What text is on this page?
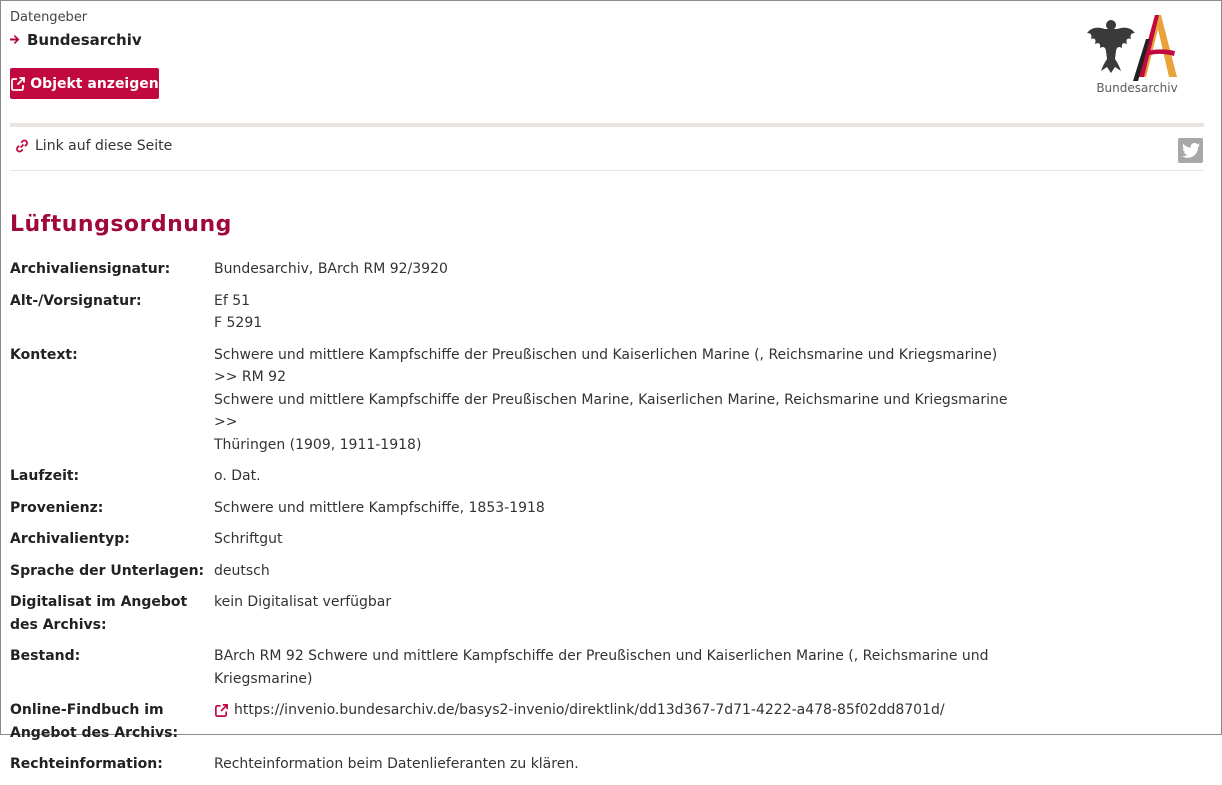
Datengeber
Bundesarchiv
Objekt anzeigen	Bundesarchiv
Link auf diese Seite
Lüftungsordnung
Archivaliensignatur:	Bundesarchiv, BArch RM 92/3920
Alt-/Vorsignatur:	Ef 51
F 5291
Kontext:	Schwere und mittlere Kampfschiffe der Preußischen und Kaiserlichen Marine (, Reichsmarine und Kriegsmarine) >> RM 92
Schwere und mittlere Kampfschiffe der Preußischen Marine, Kaiserlichen Marine, Reichsmarine und Kriegsmarine >>
Thüringen (1909, 1911-1918)
Laufzeit:	o. Dat.
Provenienz:	Schwere und mittlere Kampfschiffe, 1853-1918
Archivalientyp:	Schriftgut
Sprache der Unterlagen: deutsch
Digitalisat im Angebot des Archivs:
kein Digitalisat verfügbar
Bestand:	BArch RM 92 Schwere und mittlere Kampfschiffe der Preußischen und Kaiserlichen Marine (, Reichsmarine und
Kriegsmarine)
Online-Findbuch im Angebot des Archivs:
https://invenio.bundesarchiv.de/basys2-invenio/direktlink/dd13d367-7d71-4222-a478-85f02dd8701d/
Rechteinformation:	Rechteinformation beim Datenlieferanten zu klären.
